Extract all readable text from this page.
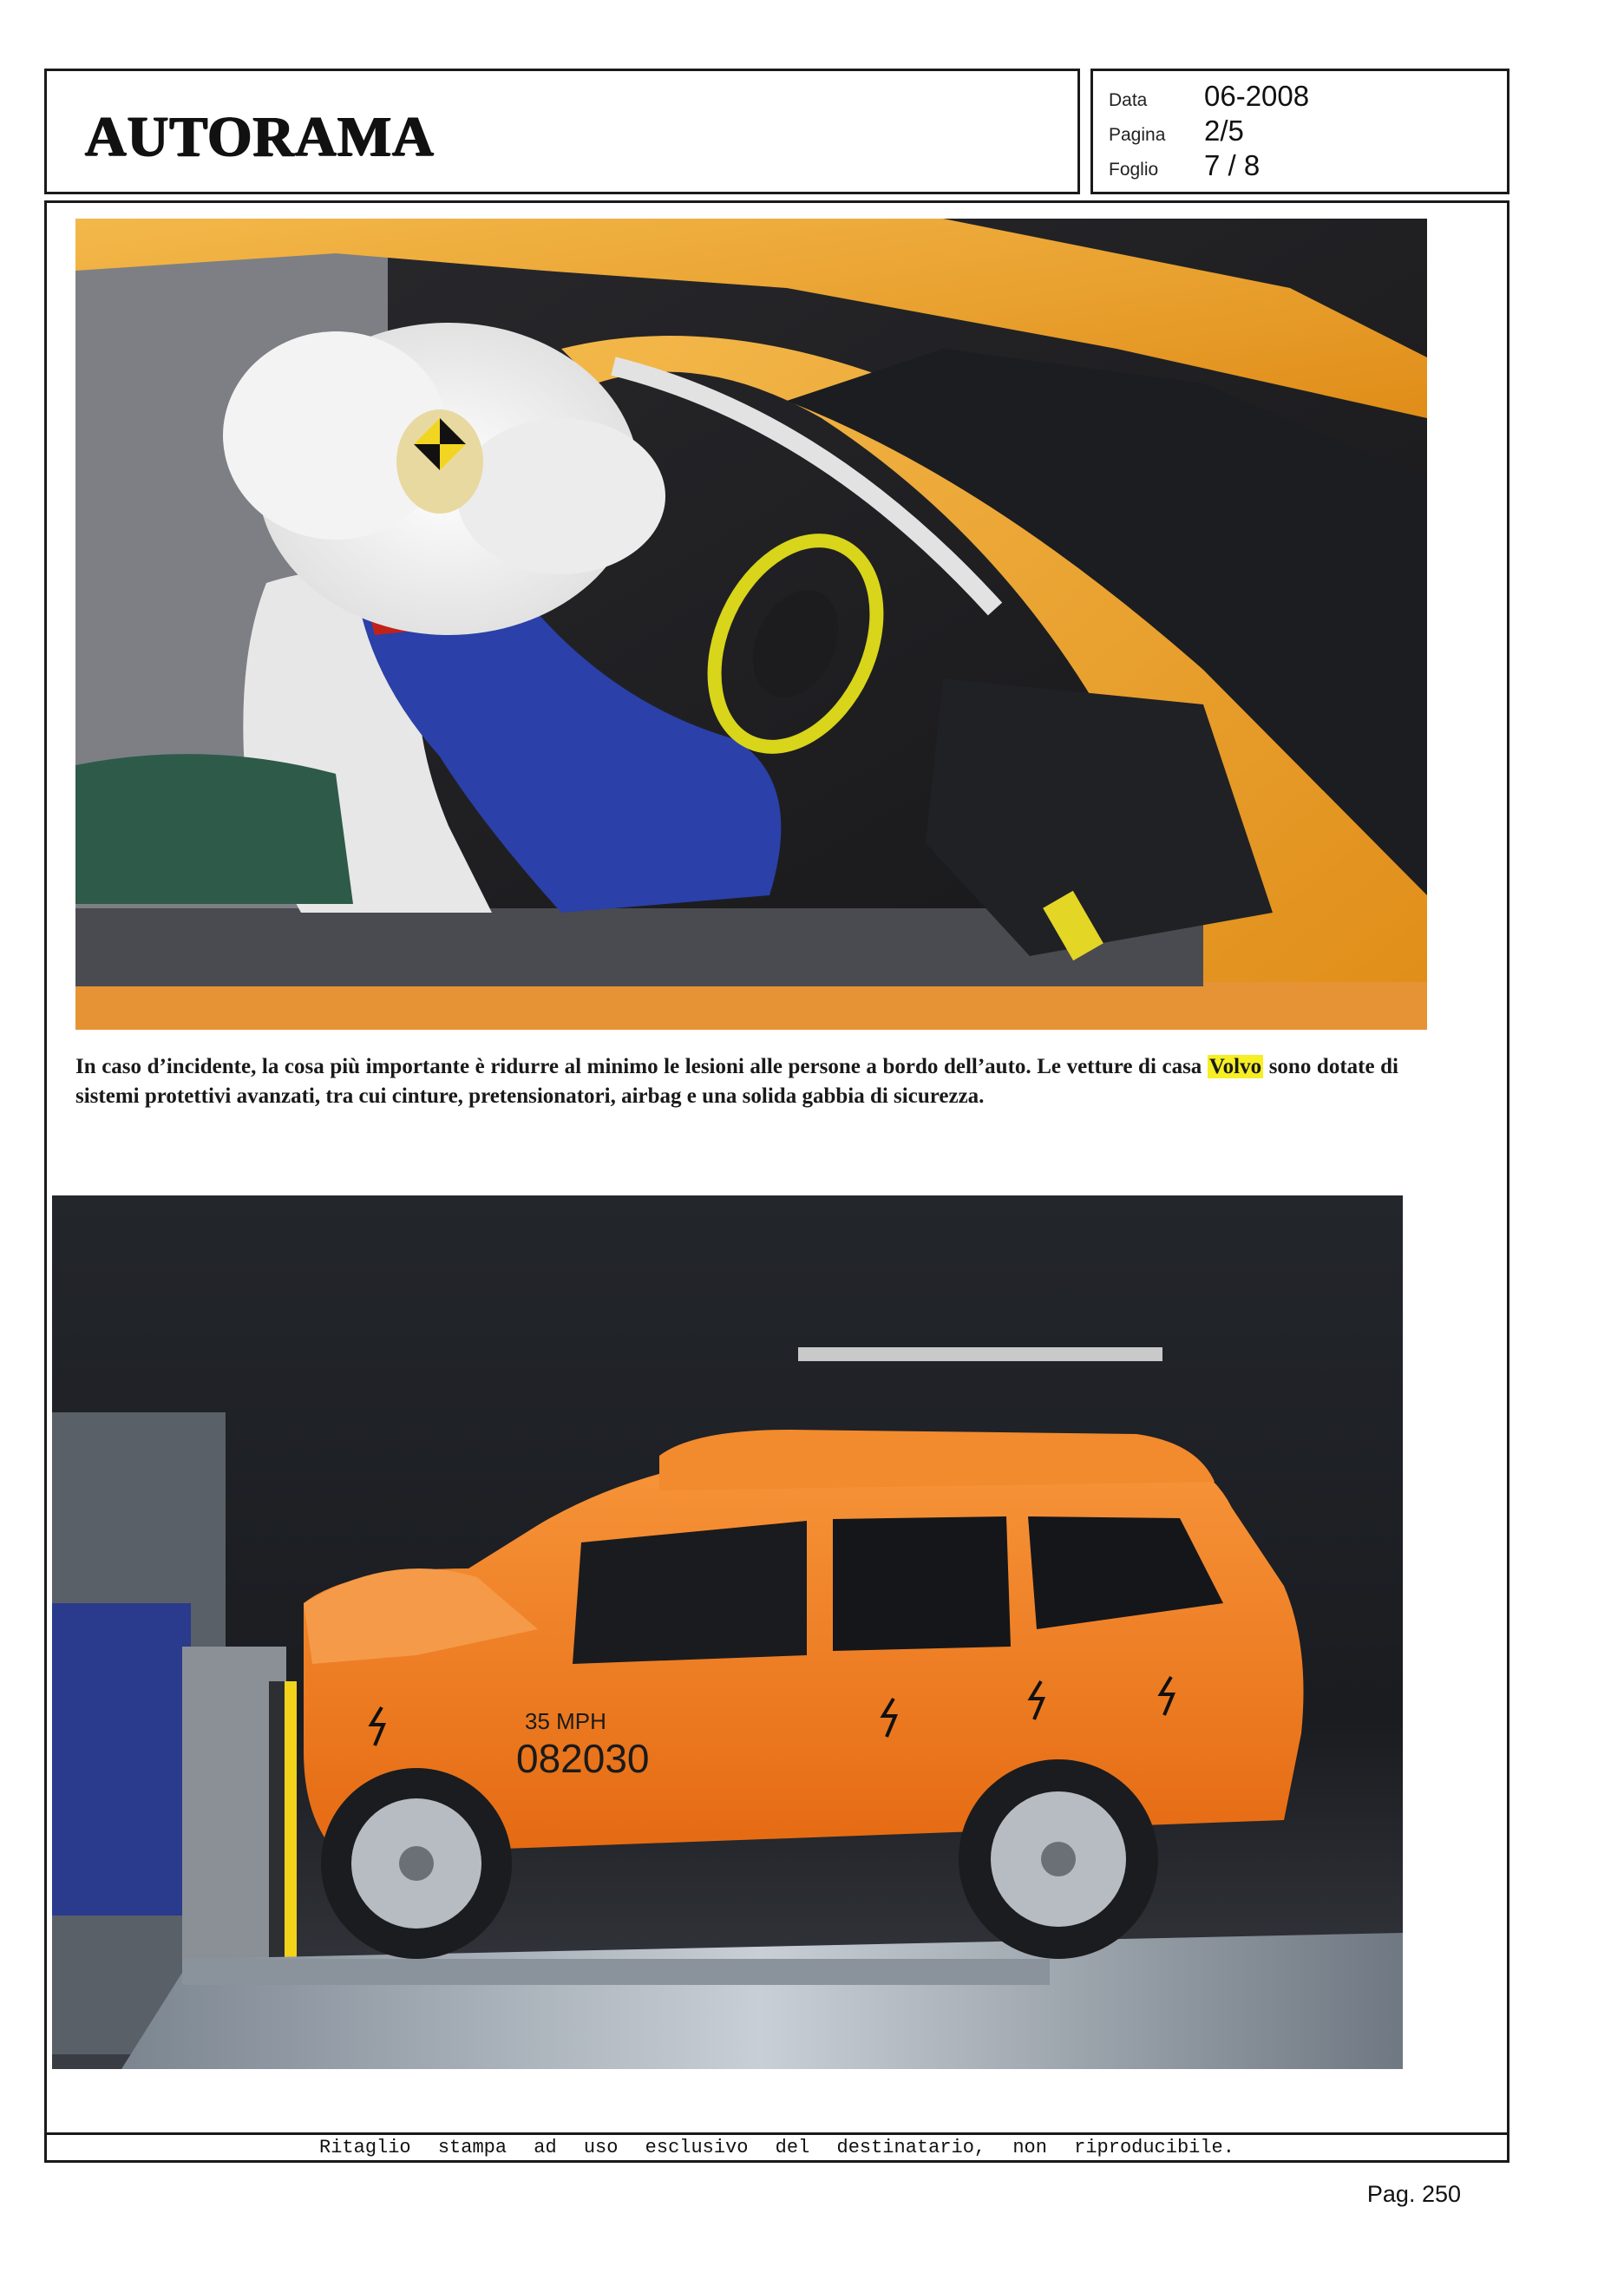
AUTORAMA
Data	06-2008
Pagina	2/5
Foglio	7 / 8
In caso d’incidente, la cosa più importante è ridurre al minimo le lesioni alle persone a bordo dell’auto. Le vetture di casa Volvo sono dotate di sistemi protettivi avanzati, tra cui cinture, pretensionatori, airbag e una solida gabbia di sicurezza.
35 MPH
082030
Ritaglio stampa ad uso esclusivo del destinatario, non riproducibile.
Pag. 250
